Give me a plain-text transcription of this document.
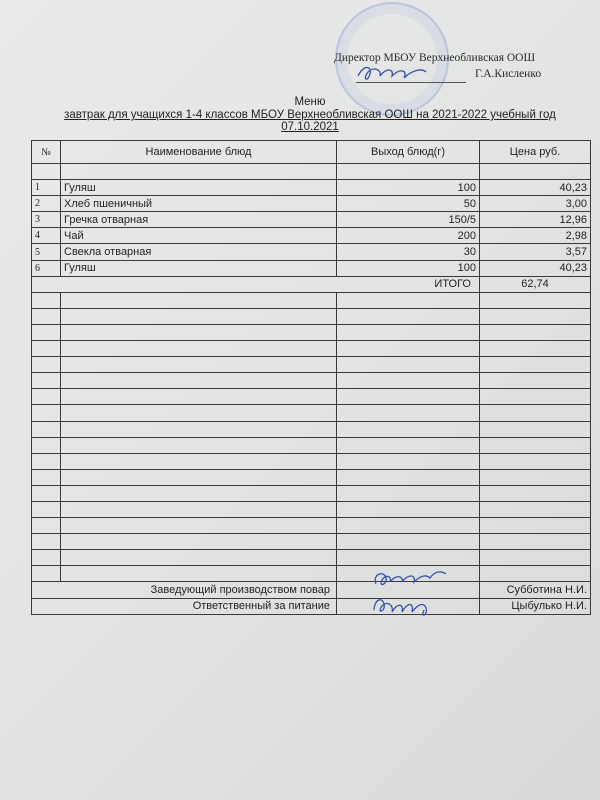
Директор МБОУ Верхнеобливская ООШ
Г.А.Кисленко
Меню
завтрак для учащихся 1-4 классов МБОУ Верхнеобливская ООШ на 2021-2022 учебный год
07.10.2021
№	Наименование блюд	Выход блюд(г)	Цена руб.

1	Гуляш	100	40,23
2	Хлеб пшеничный	50	3,00
3	Гречка отварная	150/5	12,96
4	Чай	200	2,98
5	Свекла отварная	30	3,57
6	Гуляш	100	40,23
ИТОГО			62,74

Заведующий производством повар			Субботина Н.И.
Ответственный за питание			Цыбулько Н.И.
